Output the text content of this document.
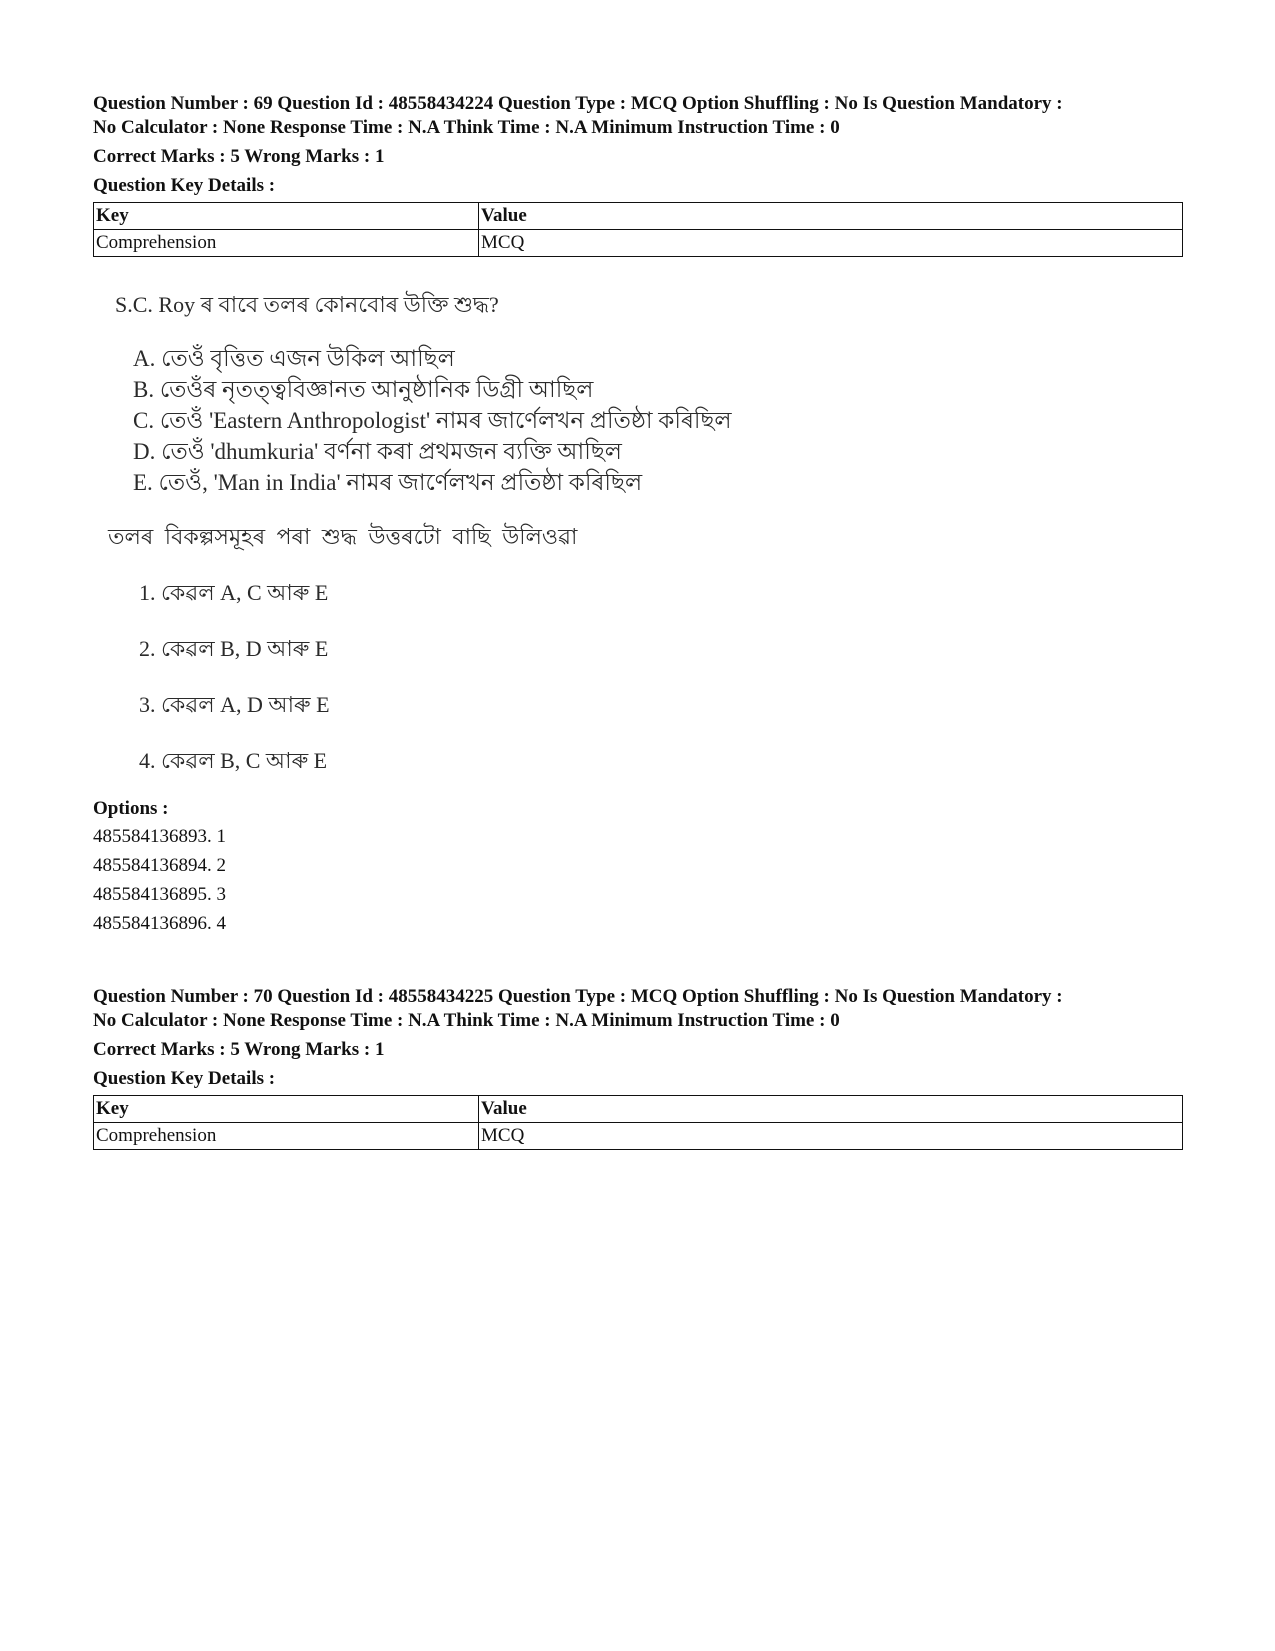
Question Number : 69 Question Id : 48558434224 Question Type : MCQ Option Shuffling : No Is Question Mandatory :

No Calculator : None Response Time : N.A Think Time : N.A Minimum Instruction Time : 0

Correct Marks : 5 Wrong Marks : 1
Question Key Details :
Key	Value
Comprehension	MCQ
S.C. Roy ৰ বাবে তলৰ কোনবোৰ উক্তি শুদ্ধ?
A. তেওঁ বৃত্তিত এজন উকিল আছিল
B. তেওঁৰ নৃতত্ত্ববিজ্ঞানত আনুষ্ঠানিক ডিগ্ৰী আছিল
C. তেওঁ 'Eastern Anthropologist' নামৰ জাৰ্ণেলখন প্ৰতিষ্ঠা কৰিছিল
D. তেওঁ 'dhumkuria' বৰ্ণনা কৰা প্ৰথমজন ব্যক্তি আছিল
E. তেওঁ, 'Man in India' নামৰ জাৰ্ণেলখন প্ৰতিষ্ঠা কৰিছিল
তলৰ বিকল্পসমূহৰ পৰা শুদ্ধ উত্তৰটো বাছি উলিওৱা
1. কেৱল A, C আৰু E
2. কেৱল B, D আৰু E
3. কেৱল A, D আৰু E
4. কেৱল B, C আৰু E
Options :
485584136893. 1
485584136894. 2
485584136895. 3
485584136896. 4

Question Number : 70 Question Id : 48558434225 Question Type : MCQ Option Shuffling : No Is Question Mandatory :

No Calculator : None Response Time : N.A Think Time : N.A Minimum Instruction Time : 0

Correct Marks : 5 Wrong Marks : 1
Question Key Details :
Key	Value
Comprehension	MCQ
